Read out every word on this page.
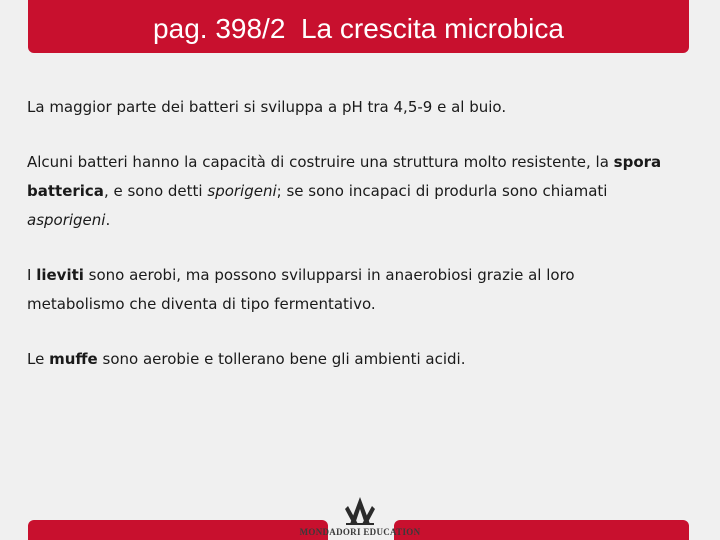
pag. 398/2  La crescita microbica

La maggior parte dei batteri si sviluppa a pH tra 4,5-9 e al buio.

Alcuni batteri hanno la capacità di costruire una struttura molto resistente, la spora batterica, e sono detti sporigeni; se sono incapaci di produrla sono chiamati asporigeni.

I lieviti sono aerobi, ma possono svilupparsi in anaerobiosi grazie al loro metabolismo che diventa di tipo fermentativo.

Le muffe sono aerobie e tollerano bene gli ambienti acidi.

MONDADORI EDUCATION
